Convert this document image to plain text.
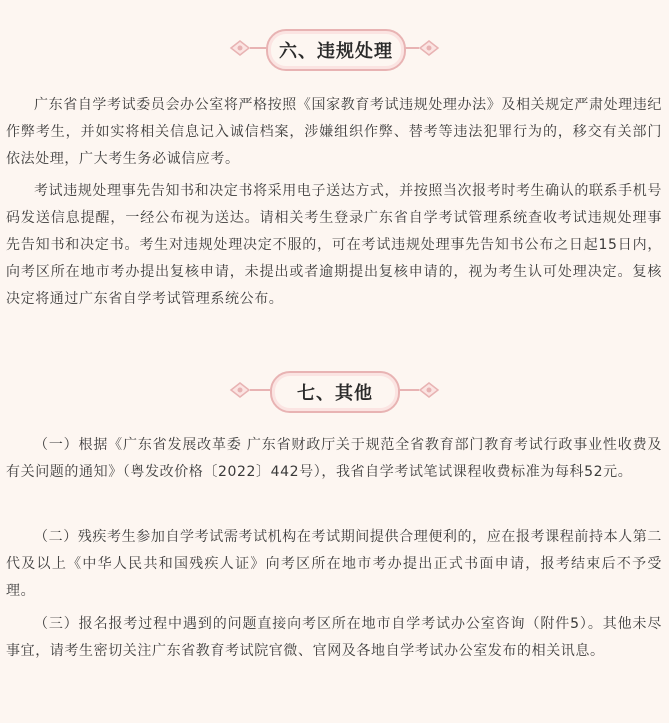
六、违规处理

广东省自学考试委员会办公室将严格按照《国家教育考试违规处理办法》及相关规定严肃处理违纪作弊考生，并如实将相关信息记入诚信档案，涉嫌组织作弊、替考等违法犯罪行为的，移交有关部门依法处理，广大考生务必诚信应考。

考试违规处理事先告知书和决定书将采用电子送达方式，并按照当次报考时考生确认的联系手机号码发送信息提醒，一经公布视为送达。请相关考生登录广东省自学考试管理系统查收考试违规处理事先告知书和决定书。考生对违规处理决定不服的，可在考试违规处理事先告知书公布之日起15日内，向考区所在地市考办提出复核申请，未提出或者逾期提出复核申请的，视为考生认可处理决定。复核决定将通过广东省自学考试管理系统公布。

七、其他

（一）根据《广东省发展改革委 广东省财政厅关于规范全省教育部门教育考试行政事业性收费及有关问题的通知》（粤发改价格〔2022〕442号），我省自学考试笔试课程收费标准为每科52元。

（二）残疾考生参加自学考试需考试机构在考试期间提供合理便利的，应在报考课程前持本人第二代及以上《中华人民共和国残疾人证》向考区所在地市考办提出正式书面申请，报考结束后不予受理。

（三）报名报考过程中遇到的问题直接向考区所在地市自学考试办公室咨询（附件5）。其他未尽事宜，请考生密切关注广东省教育考试院官微、官网及各地自学考试办公室发布的相关讯息。
